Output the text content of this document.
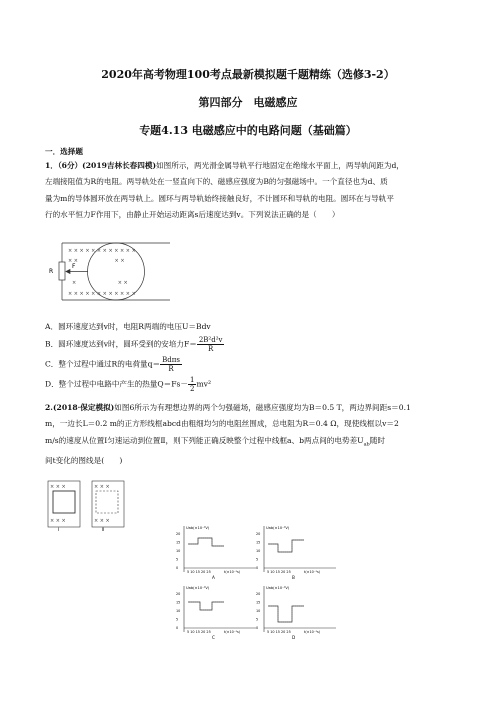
2020年高考物理100考点最新模拟题千题精练（选修3-2）
第四部分　电磁感应
专题4.13 电磁感应中的电路问题（基础篇）
一．选择题
1．（6分）(2019吉林长春四模)如图所示，两光滑金属导轨平行地固定在绝缘水平面上，两导轨间距为d，
左端接阻值为R的电阻。两导轨处在一竖直向下的、磁感应强度为B的匀强磁场中。一个直径也为d、质
量为m的导体圆环放在两导轨上。圆环与两导轨始终接触良好，不计圆环和导轨的电阻。圆环在与导轨平
行的水平恒力F作用下，由静止开始运动距离s后速度达到v。下列说法正确的是（　　）
R
F
× × × × × × × × × × × ×
× ×　　　　　　　 × ×
×　　　　　　　　 × ×
× × × × × × × × × × × ×
A．圆环速度达到v时，电阻R两端的电压U＝Bdv
B．圆环速度达到v时，圆环受到的安培力$F= \frac{\text{2B²d²v}}{R}$
C．整个过程中通过R的电荷量$q= \frac{\text{Bdπs}}{R}$
D．整个过程中电路中产生的热量$Q=Fs- \frac{1}{2} mv^2$
2.(2018·保定模拟)如图6所示为有理想边界的两个匀强磁场，磁感应强度均为B＝0.5 T，两边界间距s＝0.1
m，一边长L＝0.2 m的正方形线框abcd由粗细均匀的电阻丝围成，总电阻为R＝0.4 Ω，现使线框以v＝2
m/s的速度从位置Ⅰ匀速运动到位置Ⅱ，则下列能正确反映整个过程中线框a、b两点间的电势差$U_{ab}$随时
间t变化的图线是(　　)
× × ×	× × ×
× × ×	× × ×
Ⅰ	Ⅱ	Uab(×10⁻²V)
20
15
10
5
0
5 10 15 20 25	t(×10⁻²s)
A
Uab(×10⁻²V)
20
15
10
5
0
5 10 15 20 25	t(×10⁻²s)
B
Uab(×10⁻²V)
20
15
10
5
0
5 10 15 20 25	t(×10⁻²s)
C
Uab(×10⁻²V)
20
15
10
5
0
5 10 15 20 25	t(×10⁻²s)
D
